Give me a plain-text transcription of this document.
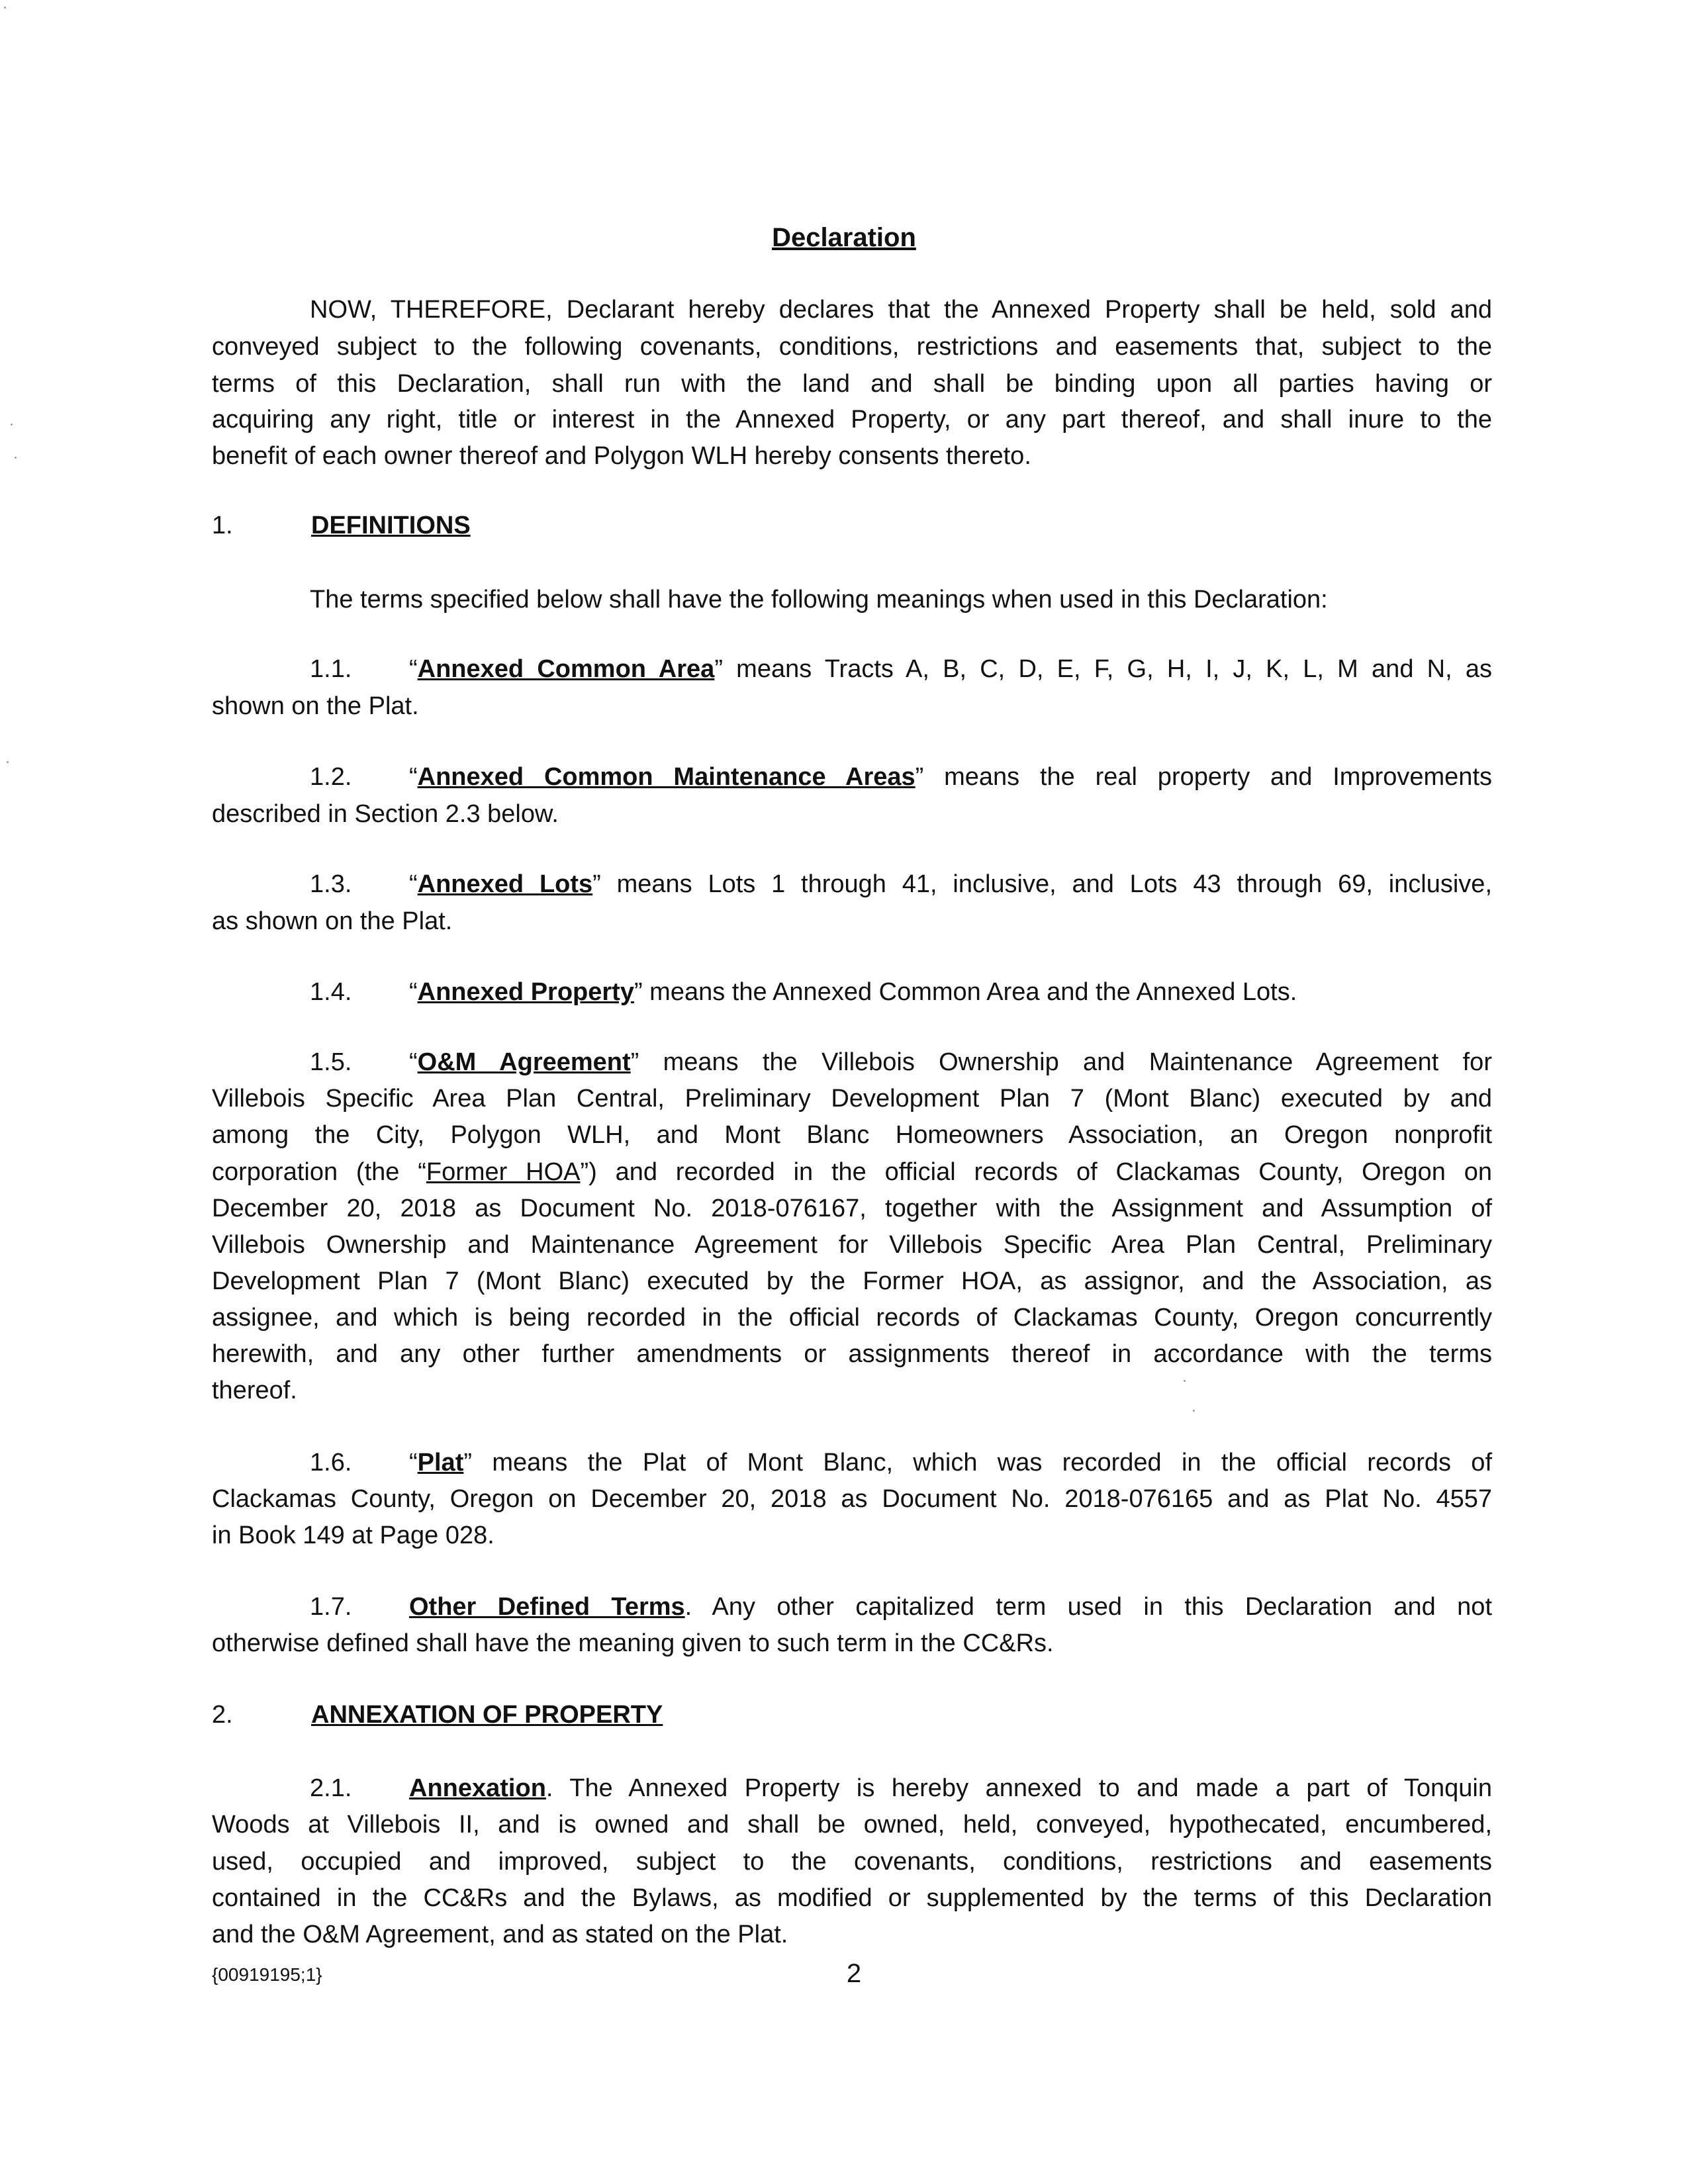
Declaration
NOW, THEREFORE, Declarant hereby declares that the Annexed Property shall be held, sold and
conveyed subject to the following covenants, conditions, restrictions and easements that, subject to the
terms of this Declaration, shall run with the land and shall be binding upon all parties having or
acquiring any right, title or interest in the Annexed Property, or any part thereof, and shall inure to the
benefit of each owner thereof and Polygon WLH hereby consents thereto.
1.	DEFINITIONS
The terms specified below shall have the following meanings when used in this Declaration:
1.1. “Annexed Common Area” means Tracts A, B, C, D, E, F, G, H, I, J, K, L, M and N, as
shown on the Plat.
1.2. “Annexed Common Maintenance Areas” means the real property and Improvements
described in Section 2.3 below.
1.3. “Annexed Lots” means Lots 1 through 41, inclusive, and Lots 43 through 69, inclusive,
as shown on the Plat.
1.4. “Annexed Property” means the Annexed Common Area and the Annexed Lots.
1.5. “O&M Agreement” means the Villebois Ownership and Maintenance Agreement for
Villebois Specific Area Plan Central, Preliminary Development Plan 7 (Mont Blanc) executed by and
among the City, Polygon WLH, and Mont Blanc Homeowners Association, an Oregon nonprofit
corporation (the “Former HOA”) and recorded in the official records of Clackamas County, Oregon on
December 20, 2018 as Document No. 2018-076167, together with the Assignment and Assumption of
Villebois Ownership and Maintenance Agreement for Villebois Specific Area Plan Central, Preliminary
Development Plan 7 (Mont Blanc) executed by the Former HOA, as assignor, and the Association, as
assignee, and which is being recorded in the official records of Clackamas County, Oregon concurrently
herewith, and any other further amendments or assignments thereof in accordance with the terms
thereof.
1.6. “Plat” means the Plat of Mont Blanc, which was recorded in the official records of
Clackamas County, Oregon on December 20, 2018 as Document No. 2018-076165 and as Plat No. 4557
in Book 149 at Page 028.
1.7. Other Defined Terms. Any other capitalized term used in this Declaration and not
otherwise defined shall have the meaning given to such term in the CC&Rs.
2.	ANNEXATION OF PROPERTY
2.1. Annexation. The Annexed Property is hereby annexed to and made a part of Tonquin
Woods at Villebois II, and is owned and shall be owned, held, conveyed, hypothecated, encumbered,
used, occupied and improved, subject to the covenants, conditions, restrictions and easements
contained in the CC&Rs and the Bylaws, as modified or supplemented by the terms of this Declaration
and the O&M Agreement, and as stated on the Plat.
{00919195;1}	2
